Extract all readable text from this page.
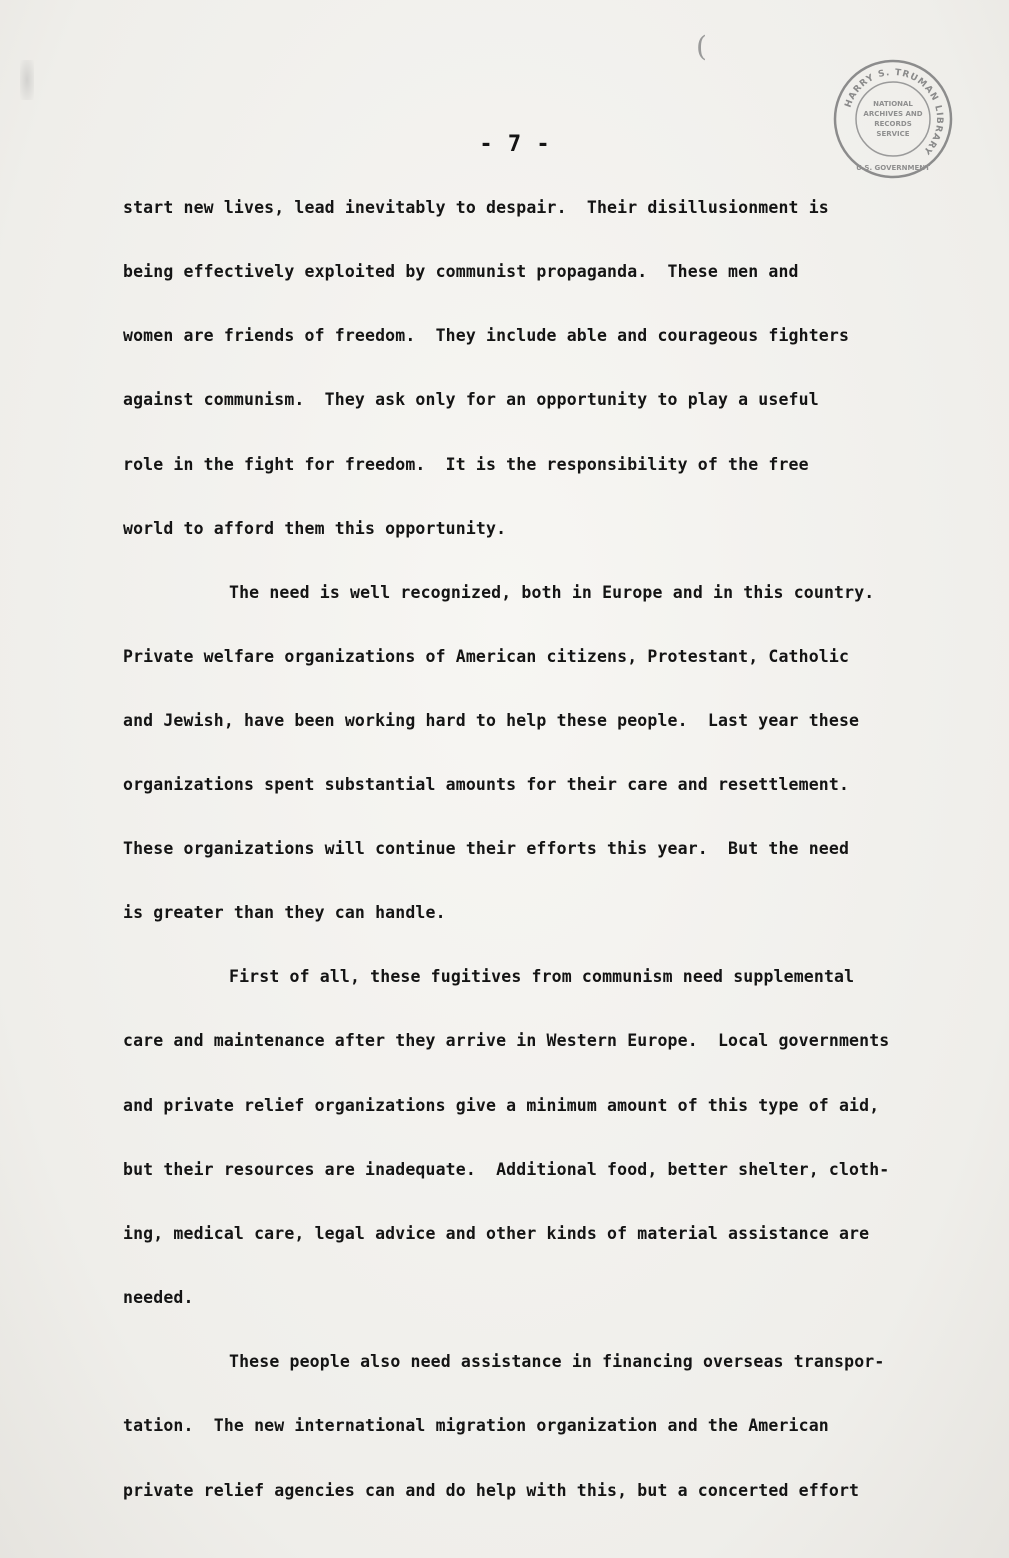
(
HARRY S. TRUMAN LIBRARY
NATIONAL
ARCHIVES AND
RECORDS
SERVICE
U.S. GOVERNMENT
- 7 -
start new lives, lead inevitably to despair.  Their disillusionment is
being effectively exploited by communist propaganda.  These men and
women are friends of freedom.  They include able and courageous fighters
against communism.  They ask only for an opportunity to play a useful
role in the fight for freedom.  It is the responsibility of the free
world to afford them this opportunity.
The need is well recognized, both in Europe and in this country.
Private welfare organizations of American citizens, Protestant, Catholic
and Jewish, have been working hard to help these people.  Last year these
organizations spent substantial amounts for their care and resettlement.
These organizations will continue their efforts this year.  But the need
is greater than they can handle.
First of all, these fugitives from communism need supplemental
care and maintenance after they arrive in Western Europe.  Local governments
and private relief organizations give a minimum amount of this type of aid,
but their resources are inadequate.  Additional food, better shelter, cloth-
ing, medical care, legal advice and other kinds of material assistance are
needed.
These people also need assistance in financing overseas transpor-
tation.  The new international migration organization and the American
private relief agencies can and do help with this, but a concerted effort
